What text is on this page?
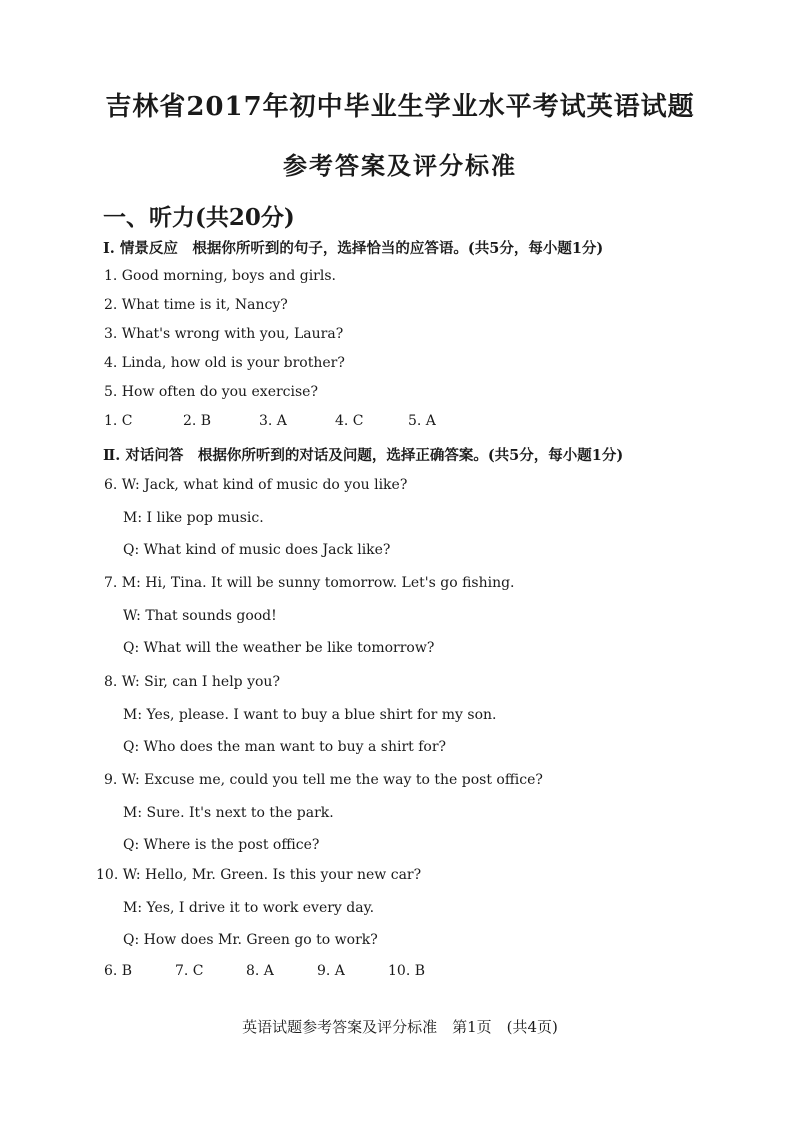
吉林省2017年初中毕业生学业水平考试英语试题
参考答案及评分标准
一、听力(共20分)
Ⅰ. 情景反应　根据你所听到的句子，选择恰当的应答语。(共5分，每小题1分)
1. Good morning, boys and girls.
2. What time is it, Nancy?
3. What's wrong with you, Laura?
4. Linda, how old is your brother?
5. How often do you exercise?
1. C	2. B	3. A	4. C	5. A
Ⅱ. 对话问答　根据你所听到的对话及问题，选择正确答案。(共5分，每小题1分)
6. W: Jack, what kind of music do you like?
M: I like pop music.
Q: What kind of music does Jack like?
7. M: Hi, Tina. It will be sunny tomorrow. Let's go fishing.
W: That sounds good!
Q: What will the weather be like tomorrow?
8. W: Sir, can I help you?
M: Yes, please. I want to buy a blue shirt for my son.
Q: Who does the man want to buy a shirt for?
9. W: Excuse me, could you tell me the way to the post office?
M: Sure. It's next to the park.
Q: Where is the post office?
10. W: Hello, Mr. Green. Is this your new car?
M: Yes, I drive it to work every day.
Q: How does Mr. Green go to work?
6. B	7. C	8. A	9. A	10. B
英语试题参考答案及评分标准　第1页　(共4页)
